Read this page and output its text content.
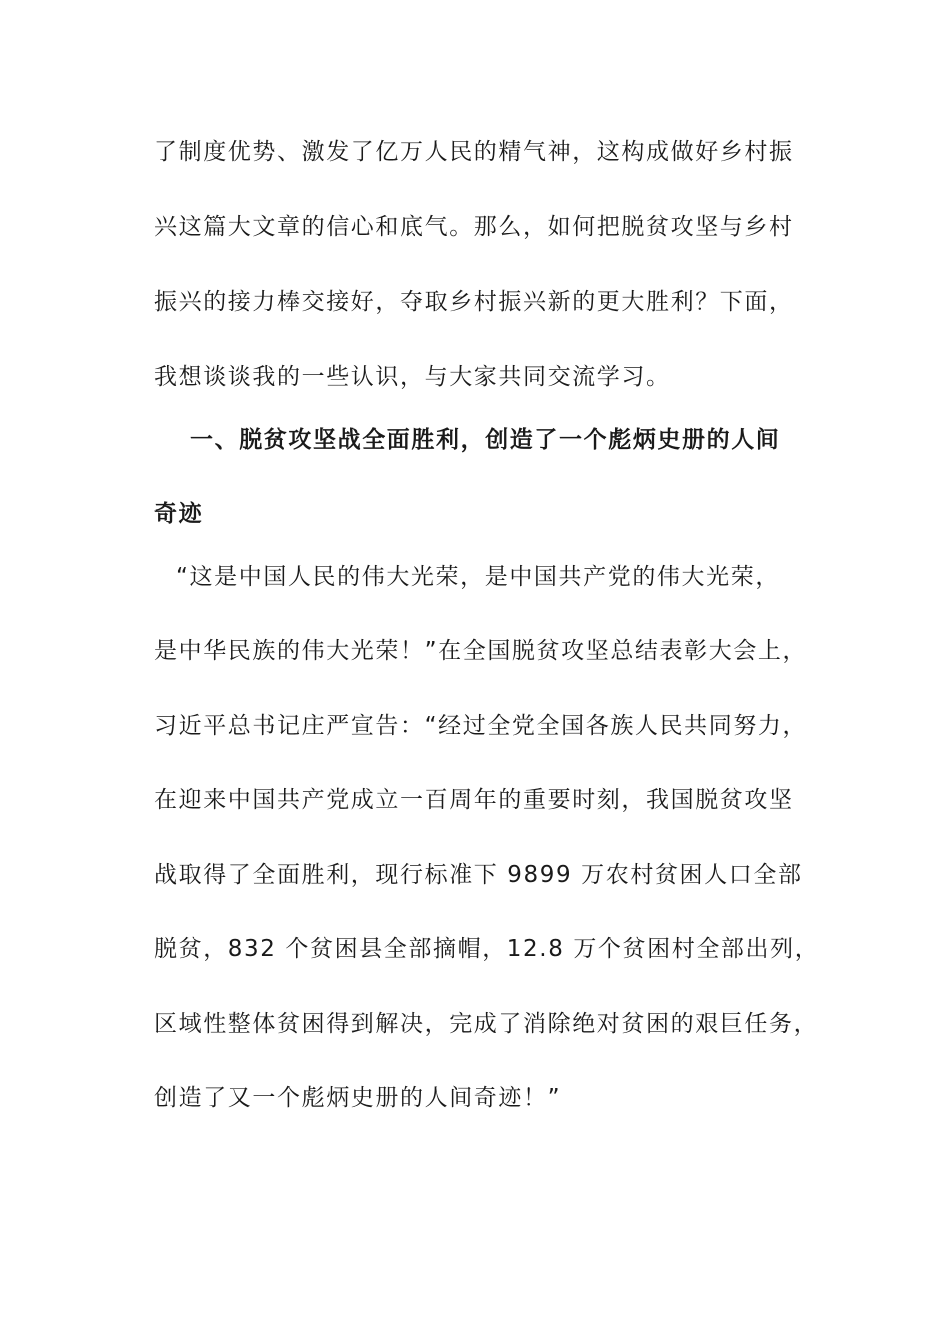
了制度优势、激发了亿万人民的精气神，这构成做好乡村振
兴这篇大文章的信心和底气。那么，如何把脱贫攻坚与乡村
振兴的接力棒交接好，夺取乡村振兴新的更大胜利？下面，
我想谈谈我的一些认识，与大家共同交流学习。
一、脱贫攻坚战全面胜利，创造了一个彪炳史册的人间
奇迹
“这是中国人民的伟大光荣，是中国共产党的伟大光荣，
是中华民族的伟大光荣！”在全国脱贫攻坚总结表彰大会上，
习近平总书记庄严宣告：“经过全党全国各族人民共同努力，
在迎来中国共产党成立一百周年的重要时刻，我国脱贫攻坚
战取得了全面胜利，现行标准下 9899 万农村贫困人口全部
脱贫，832 个贫困县全部摘帽，12.8 万个贫困村全部出列，
区域性整体贫困得到解决，完成了消除绝对贫困的艰巨任务，
创造了又一个彪炳史册的人间奇迹！”
